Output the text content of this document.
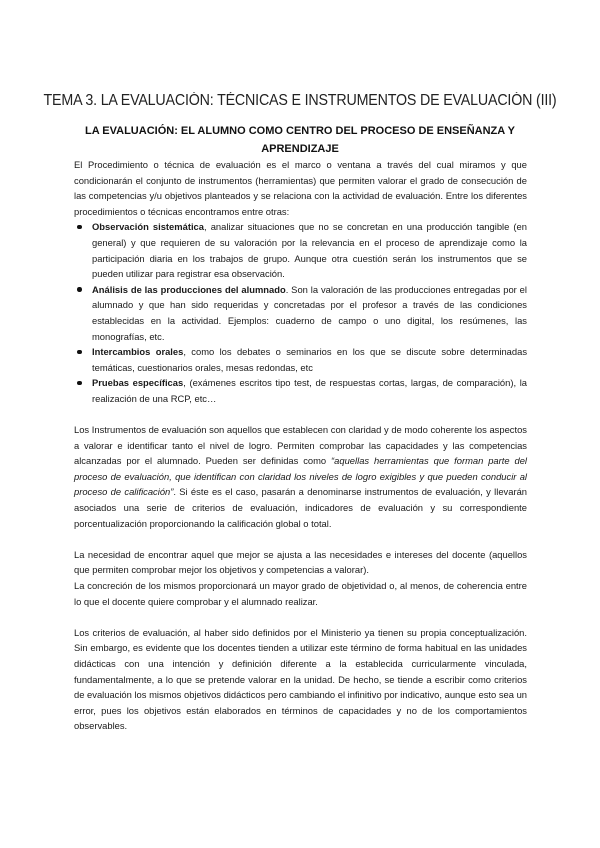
TEMA 3. LA EVALUACIÓN: TÉCNICAS E INSTRUMENTOS DE EVALUACIÓN (III)
LA EVALUACIÓN: EL ALUMNO COMO CENTRO DEL PROCESO DE ENSEÑANZA Y APRENDIZAJE

El Procedimiento o técnica de evaluación es el marco o ventana a través del cual miramos y que condicionarán el conjunto de instrumentos (herramientas) que permiten valorar el grado de consecución de las competencias y/u objetivos planteados y se relaciona con la actividad de evaluación. Entre los diferentes procedimientos o técnicas encontramos entre otras:

Observación sistemática, analizar situaciones que no se concretan en una producción tangible (en general) y que requieren de su valoración por la relevancia en el proceso de aprendizaje como la participación diaria en los trabajos de grupo. Aunque otra cuestión serán los instrumentos que se pueden utilizar para registrar esa observación.
Análisis de las producciones del alumnado. Son la valoración de las producciones entregadas por el alumnado y que han sido requeridas y concretadas por el profesor a través de las condiciones establecidas en la actividad. Ejemplos: cuaderno de campo o uno digital, los resúmenes, las monografías, etc.
Intercambios orales, como los debates o seminarios en los que se discute sobre determinadas temáticas, cuestionarios orales, mesas redondas, etc
Pruebas específicas, (exámenes escritos tipo test, de respuestas cortas, largas, de comparación), la realización de una RCP, etc…

Los Instrumentos de evaluación son aquellos que establecen con claridad y de modo coherente los aspectos a valorar e identificar tanto el nivel de logro. Permiten comprobar las capacidades y las competencias alcanzadas por el alumnado. Pueden ser definidas como “aquellas herramientas que forman parte del proceso de evaluación, que identifican con claridad los niveles de logro exigibles y que pueden conducir al proceso de calificación”. Si éste es el caso, pasarán a denominarse instrumentos de evaluación, y llevarán asociados una serie de criterios de evaluación, indicadores de evaluación y su correspondiente porcentualización proporcionando la calificación global o total.

La necesidad de encontrar aquel que mejor se ajusta a las necesidades e intereses del docente (aquellos que permiten comprobar mejor los objetivos y competencias a valorar).

La concreción de los mismos proporcionará un mayor grado de objetividad o, al menos, de coherencia entre lo que el docente quiere comprobar y el alumnado realizar.

Los criterios de evaluación, al haber sido definidos por el Ministerio ya tienen su propia conceptualización. Sin embargo, es evidente que los docentes tienden a utilizar este término de forma habitual en las unidades didácticas con una intención y definición diferente a la establecida curricularmente vinculada, fundamentalmente, a lo que se pretende valorar en la unidad. De hecho, se tiende a escribir como criterios de evaluación los mismos objetivos didácticos pero cambiando el infinitivo por indicativo, aunque esto sea un error, pues los objetivos están elaborados en términos de capacidades y no de los comportamientos observables.
